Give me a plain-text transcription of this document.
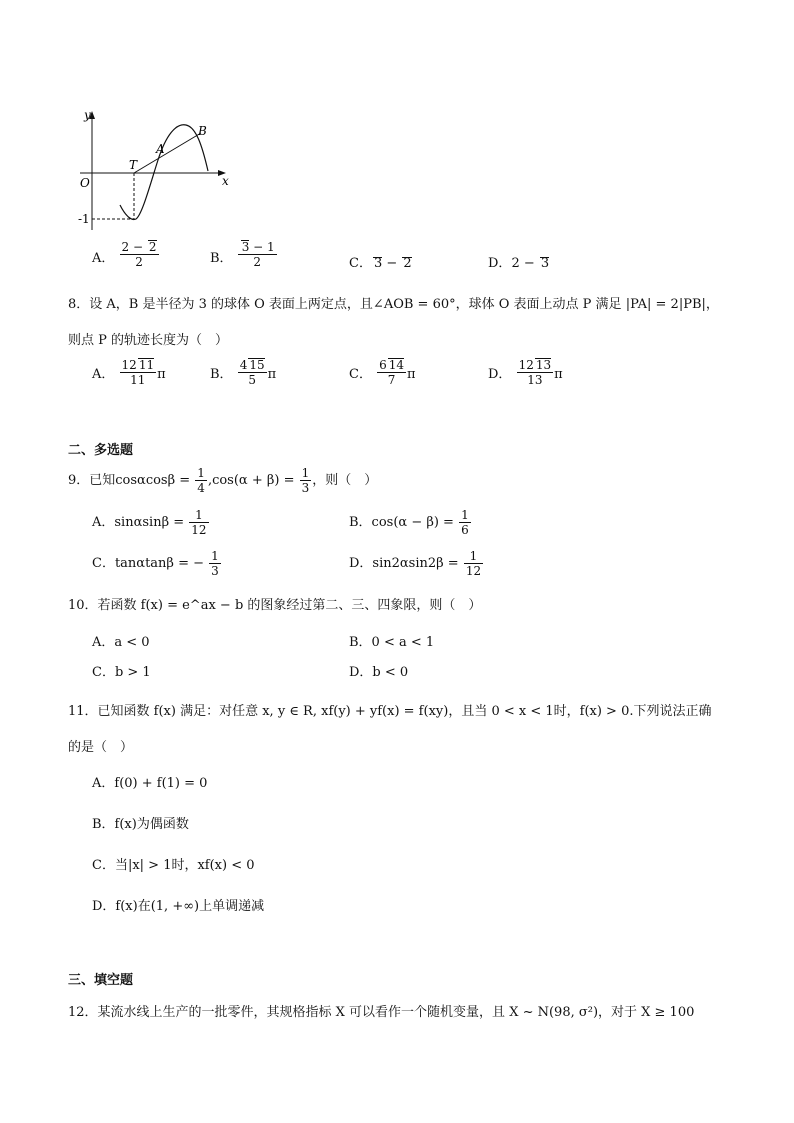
y
x
O
T
A
B
-1
A． $\frac{2 - 2}{2}$	B． $\frac{3 - 1}{2}$	C． 3 − 2	D．2 − 3
8．设 A，B 是半径为 3 的球体 O 表面上两定点，且∠AOB = 60°，球体 O 表面上动点 P 满足 |PA| = 2|PB|，
则点 P 的轨迹长度为（　）
A． $\frac{12 11}{11}$ π	B． $\frac{4 15}{5}$ π	C． $\frac{6 14}{7}$ π	D． $\frac{12 13}{13}$ π
二、多选题
9．已知$\cos\alpha\cos\beta = \frac{1}{4} ,\cos(\alpha + \beta) = \frac{1}{3}$ ，则（　）
A．$\sin\alpha\sin\beta = \frac{1}{12}$	B．$\cos(\alpha - \beta) = \frac{1}{6}$
C．tanαtanβ = − $\frac{1}{3}$	D．$\sin 2\alpha\sin 2\beta = \frac{1}{12}$
10．若函数 f(x) = e^ax − b 的图象经过第二、三、四象限，则（　）
A．a < 0	B．0 < a < 1
C．b > 1	D．b < 0
11．已知函数 f(x) 满足：对任意 x, y ∈ R, xf(y) + yf(x) = f(xy)，且当 0 < x < 1时，f(x) > 0.下列说法正确
的是（　）
A．f(0) + f(1) = 0
B．f(x)为偶函数
C．当|x| > 1时，xf(x) < 0
D．f(x)在(1, +∞)上单调递减
三、填空题
12．某流水线上生产的一批零件，其规格指标 X 可以看作一个随机变量，且 X ~ N(98, σ²)，对于 X ≥ 100
